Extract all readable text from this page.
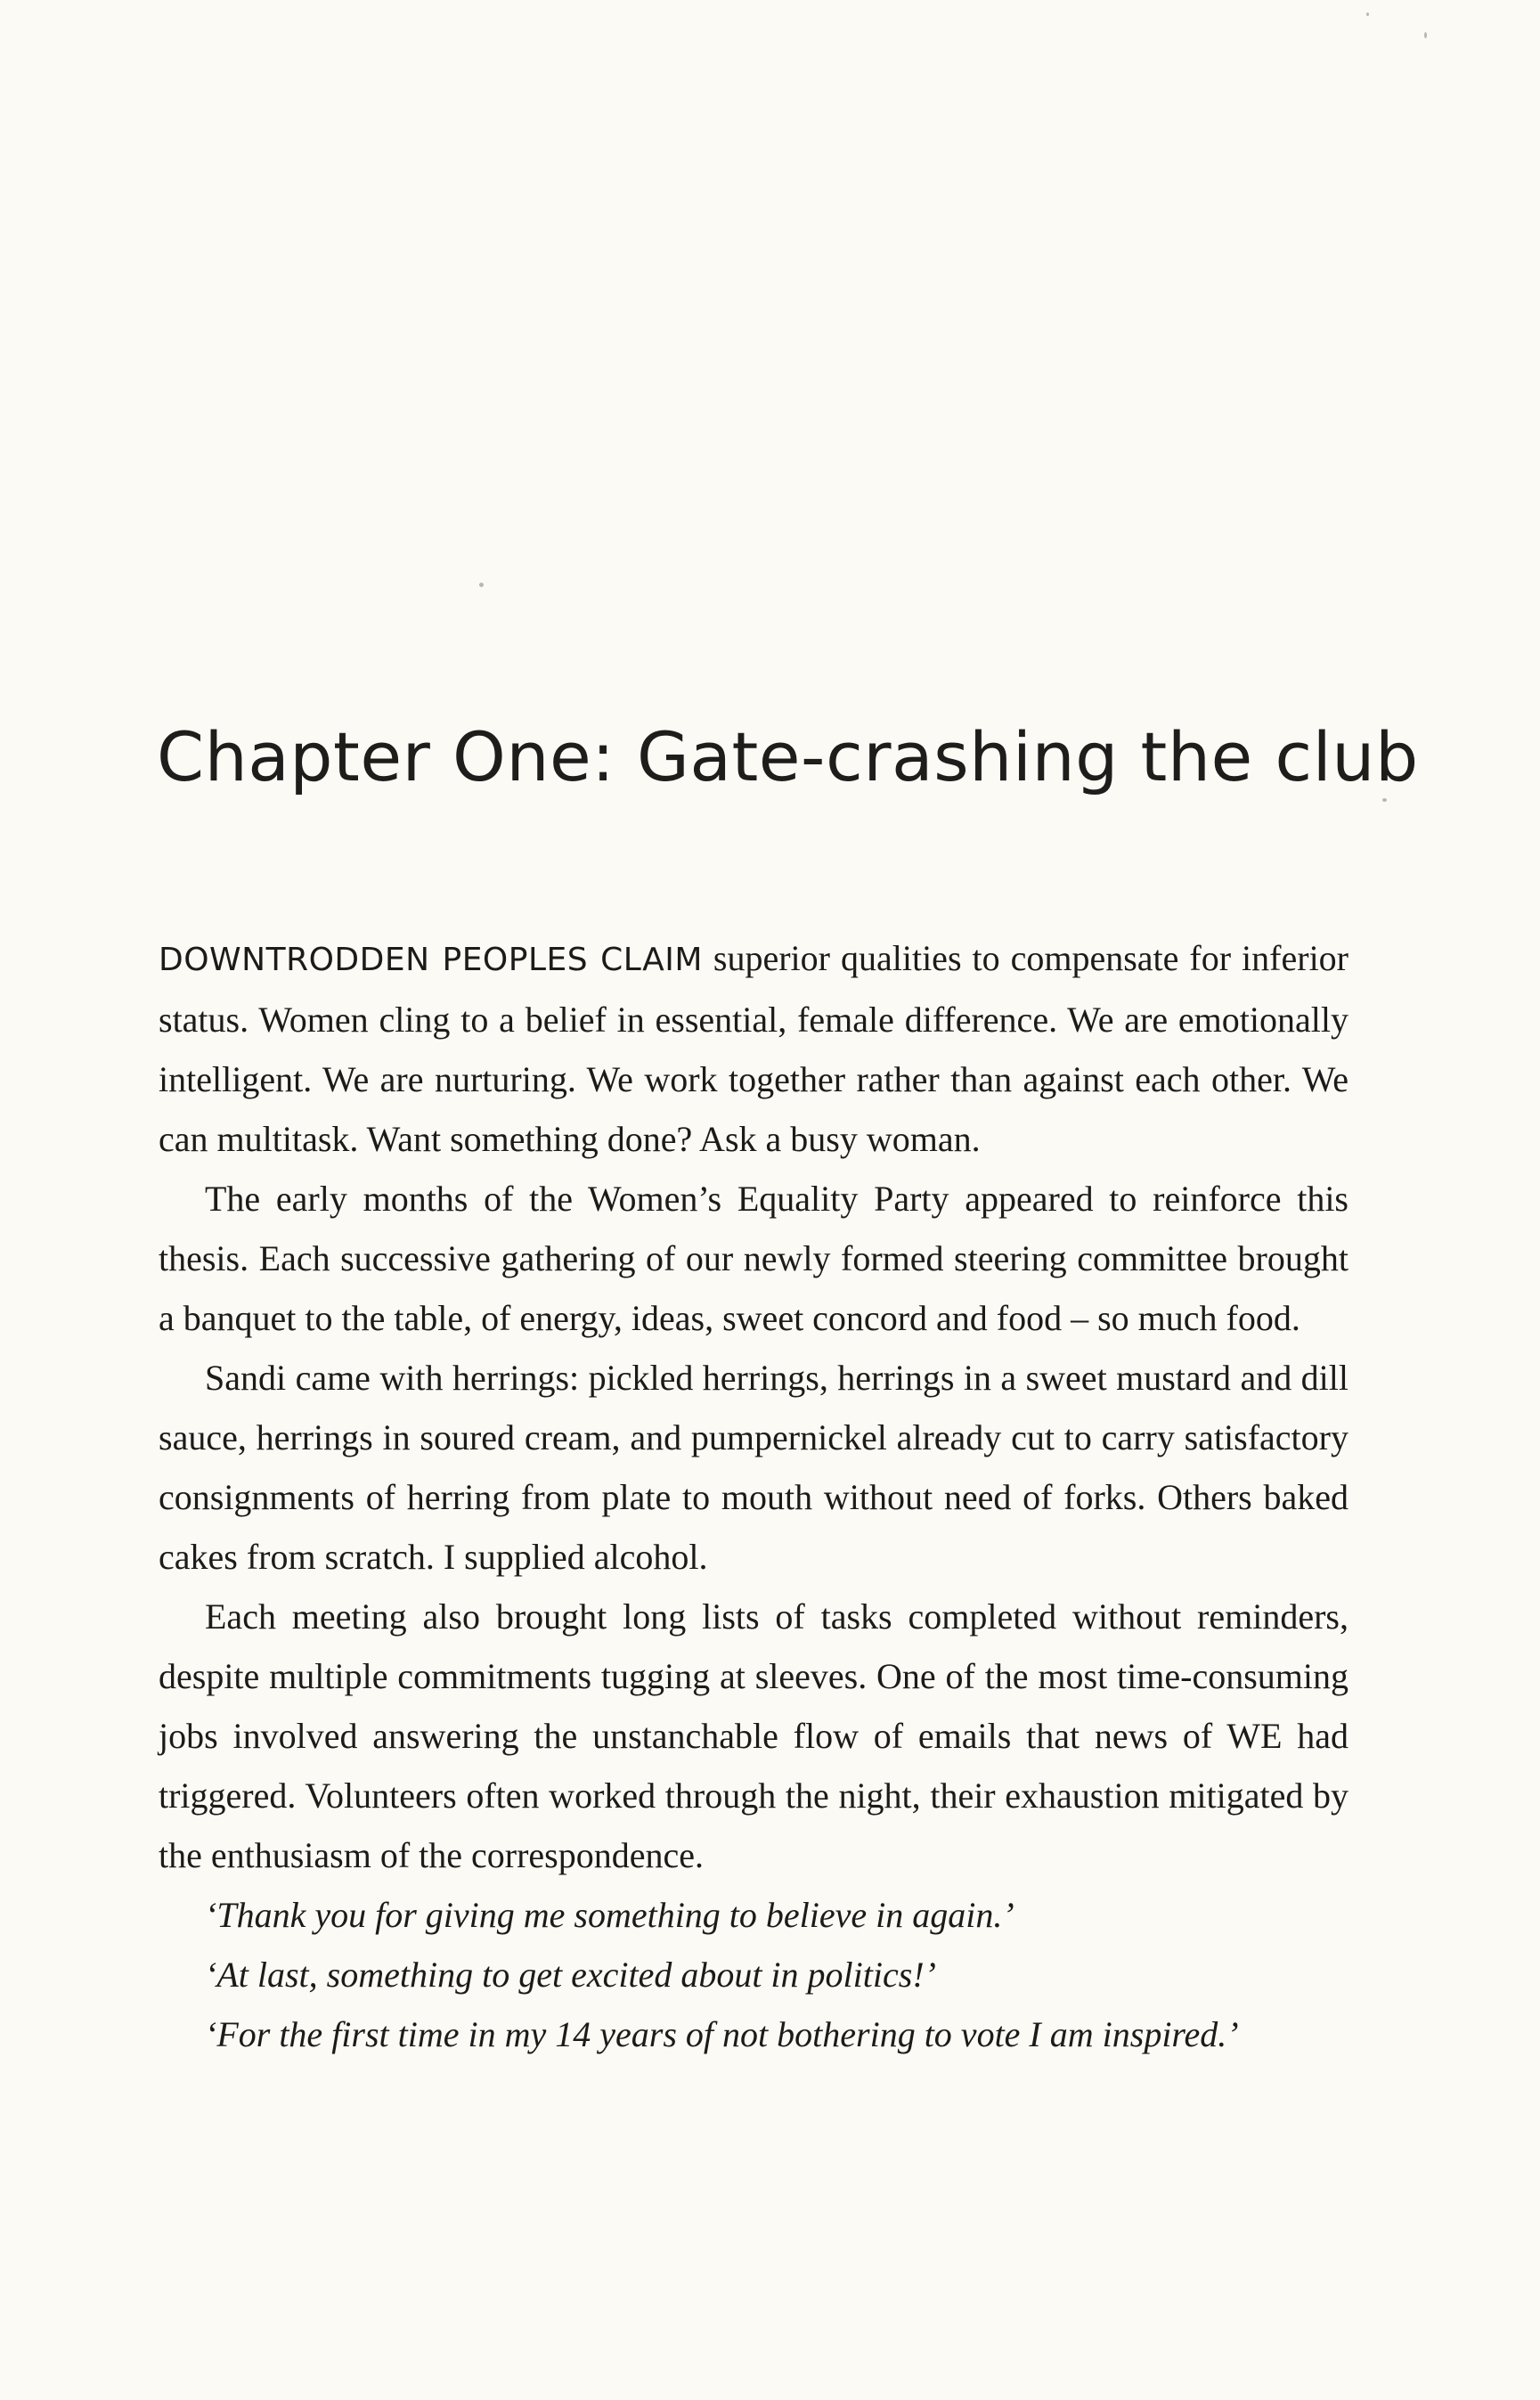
Chapter One: Gate-crashing the club

DOWNTRODDEN PEOPLES CLAIM superior qualities to compensate for inferior status. Women cling to a belief in essential, female difference. We are emotionally intelligent. We are nurturing. We work together rather than against each other. We can multitask. Want something done? Ask a busy woman.

The early months of the Women’s Equality Party appeared to reinforce this thesis. Each successive gathering of our newly formed steering committee brought a banquet to the table, of energy, ideas, sweet concord and food – so much food.

Sandi came with herrings: pickled herrings, herrings in a sweet mustard and dill sauce, herrings in soured cream, and pumpernickel already cut to carry satisfactory consignments of herring from plate to mouth without need of forks. Others baked cakes from scratch. I supplied alcohol.

Each meeting also brought long lists of tasks completed without reminders, despite multiple commitments tugging at sleeves. One of the most time-consuming jobs involved answering the unstanchable flow of emails that news of WE had triggered. Volunteers often worked through the night, their exhaustion mitigated by the enthusiasm of the correspondence.

‘Thank you for giving me something to believe in again.’

‘At last, something to get excited about in politics!’

‘For the first time in my 14 years of not bothering to vote I am inspired.’
